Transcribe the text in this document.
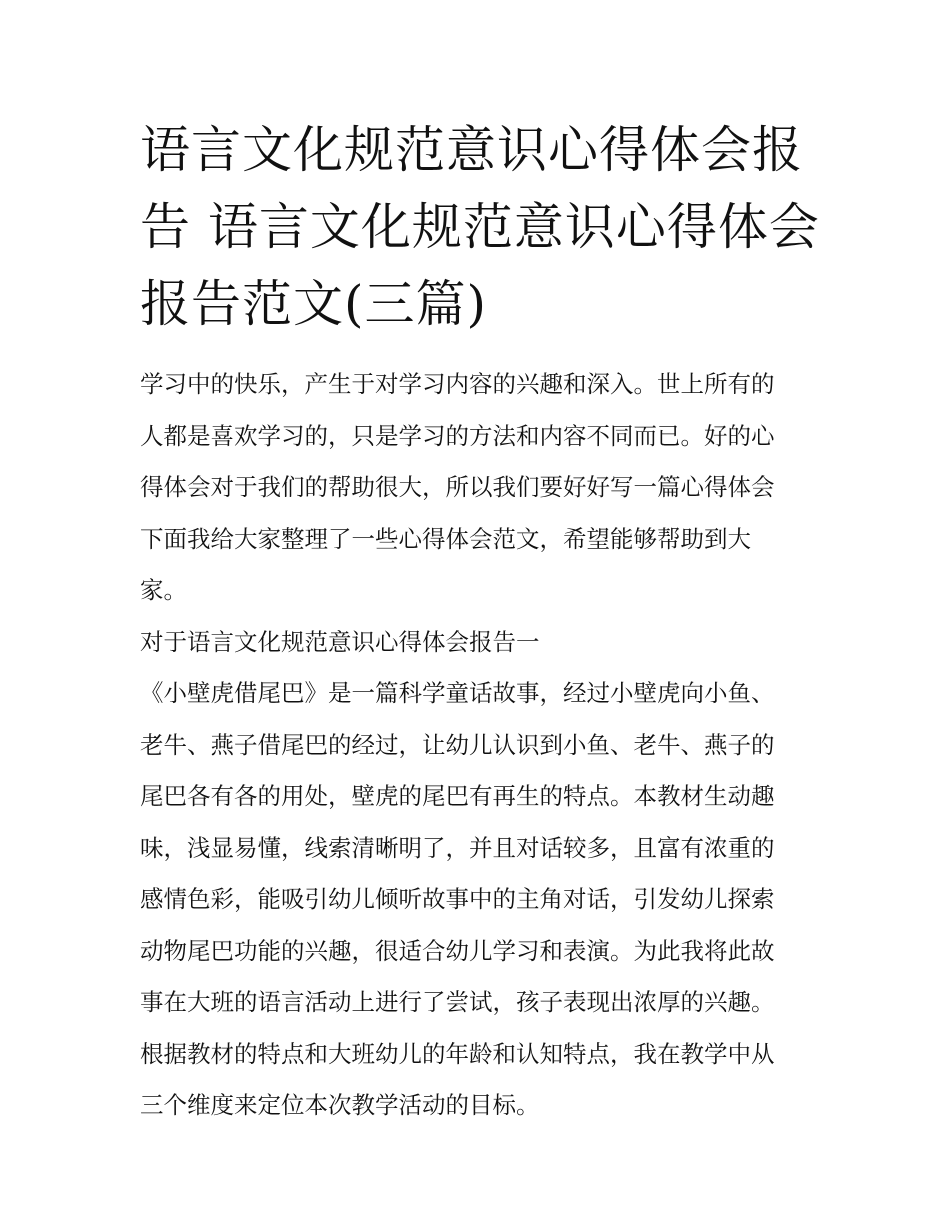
语言文化规范意识心得体会报
告 语言文化规范意识心得体会
报告范文(三篇)

学习中的快乐，产生于对学习内容的兴趣和深入。世上所有的
人都是喜欢学习的，只是学习的方法和内容不同而已。好的心
得体会对于我们的帮助很大，所以我们要好好写一篇心得体会
下面我给大家整理了一些心得体会范文，希望能够帮助到大
家。

对于语言文化规范意识心得体会报告一

《小壁虎借尾巴》是一篇科学童话故事，经过小壁虎向小鱼、
老牛、燕子借尾巴的经过，让幼儿认识到小鱼、老牛、燕子的
尾巴各有各的用处，壁虎的尾巴有再生的特点。本教材生动趣
味，浅显易懂，线索清晰明了，并且对话较多，且富有浓重的
感情色彩，能吸引幼儿倾听故事中的主角对话，引发幼儿探索
动物尾巴功能的兴趣，很适合幼儿学习和表演。为此我将此故
事在大班的语言活动上进行了尝试，孩子表现出浓厚的兴趣。
根据教材的特点和大班幼儿的年龄和认知特点，我在教学中从
三个维度来定位本次教学活动的目标。
